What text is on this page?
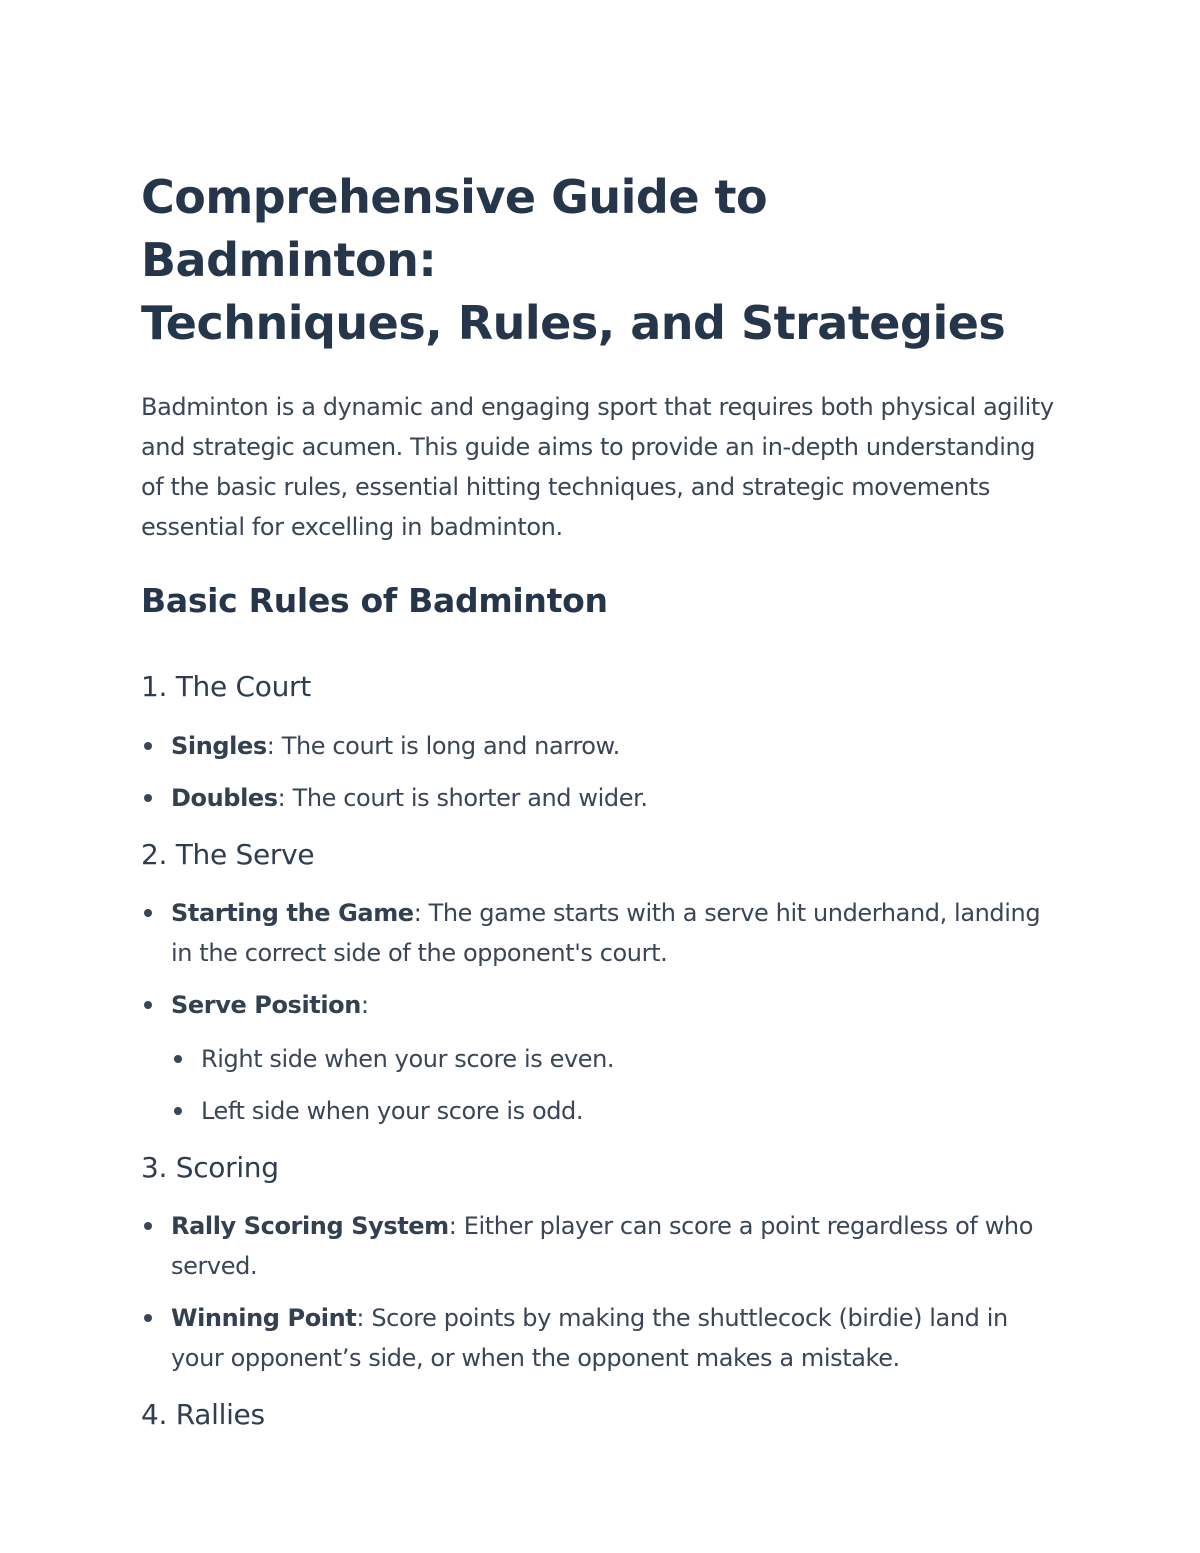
Comprehensive Guide to Badminton:
Techniques, Rules, and Strategies

Badminton is a dynamic and engaging sport that requires both physical agility and strategic acumen. This guide aims to provide an in-depth understanding of the basic rules, essential hitting techniques, and strategic movements essential for excelling in badminton.

Basic Rules of Badminton
1. The Court
Singles: The court is long and narrow.
Doubles: The court is shorter and wider.
2. The Serve
Starting the Game: The game starts with a serve hit underhand, landing in the correct side of the opponent's court.
Serve Position:
Right side when your score is even.
Left side when your score is odd.
3. Scoring
Rally Scoring System: Either player can score a point regardless of who served.
Winning Point: Score points by making the shuttlecock (birdie) land in your opponent’s side, or when the opponent makes a mistake.
4. Rallies
